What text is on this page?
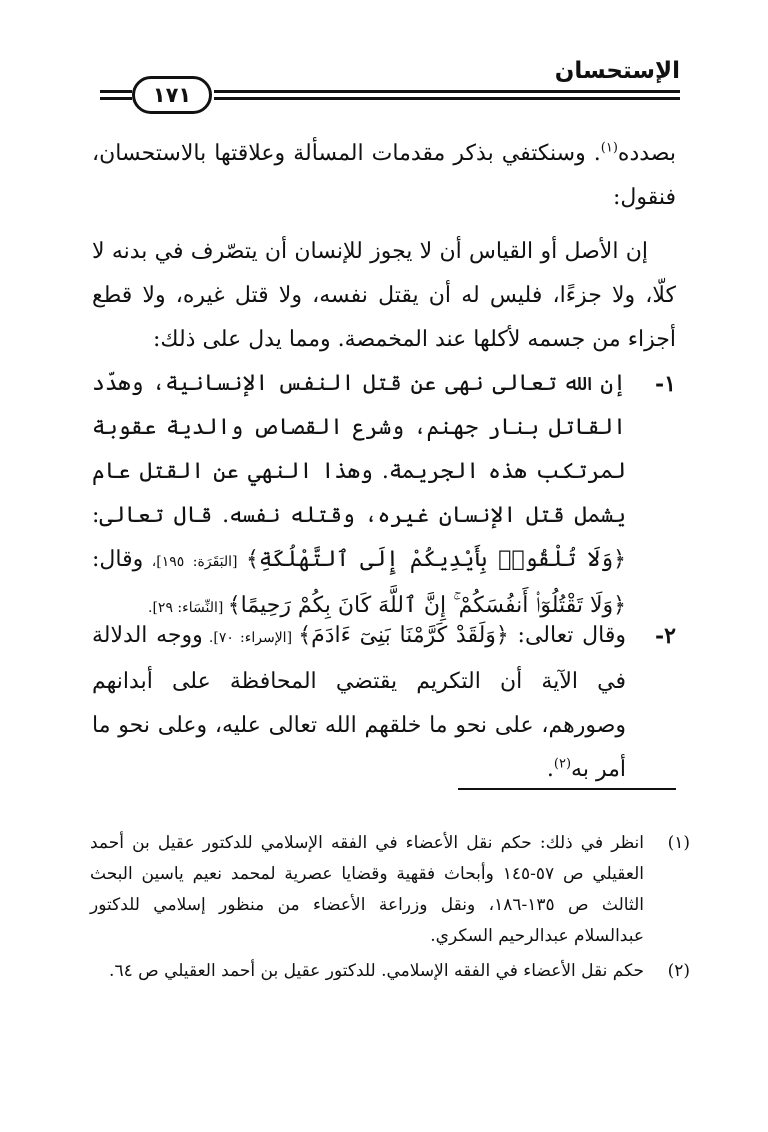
الإستحسان
١٧١
بصدده$^{(١)}$. وسنكتفي بذكر مقدمات المسألة وعلاقتها بالاستحسان، فنقول:
إن الأصل أو القياس أن لا يجوز للإنسان أن يتصّرف في بدنه لا كلّا، ولا جزءًا، فليس له أن يقتل نفسه، ولا قتل غيره، ولا قطع أجزاء من جسمه لأكلها عند المخمصة. ومما يدل على ذلك:
١-
إن الله تعالى نهى عن قتل النفس الإنسانية، وهدّد القاتل بنار جهنم، وشرع القصاص والدية عقوبة لمرتكب هذه الجريمة. وهذا النهي عن القتل عام يشمل قتل الإنسان غيره، وقتله نفسه. قال تعالى: ﴿وَلَا تُلْقُوا۟ بِأَيْدِيكُمْ إِلَى ٱلتَّهْلُكَةِ﴾ [البَقَرَة: ١٩٥]، وقال: ﴿وَلَا تَقْتُلُوٓا۟ أَنفُسَكُمْ ۚ إِنَّ ٱللَّهَ كَانَ بِكُمْ رَحِيمًا﴾ [النِّسَاء: ٢٩].
٢-
وقال تعالى: ﴿وَلَقَدْ كَرَّمْنَا بَنِىٓ ءَادَمَ﴾ [الإسراء: ٧٠]. ووجه الدلالة في الآية أن التكريم يقتضي المحافظة على أبدانهم وصورهم، على نحو ما خلقهم الله تعالى عليه، وعلى نحو ما أمر به$^{(٢)}$.
(١)
انظر في ذلك: حكم نقل الأعضاء في الفقه الإسلامي للدكتور عقيل بن أحمد العقيلي ص ٥٧-١٤٥ وأبحاث فقهية وقضايا عصرية لمحمد نعيم ياسين البحث الثالث ص ١٣٥-١٨٦، ونقل وزراعة الأعضاء من منظور إسلامي للدكتور عبدالسلام عبدالرحيم السكري.
(٢)
حكم نقل الأعضاء في الفقه الإسلامي. للدكتور عقيل بن أحمد العقيلي ص ٦٤.
